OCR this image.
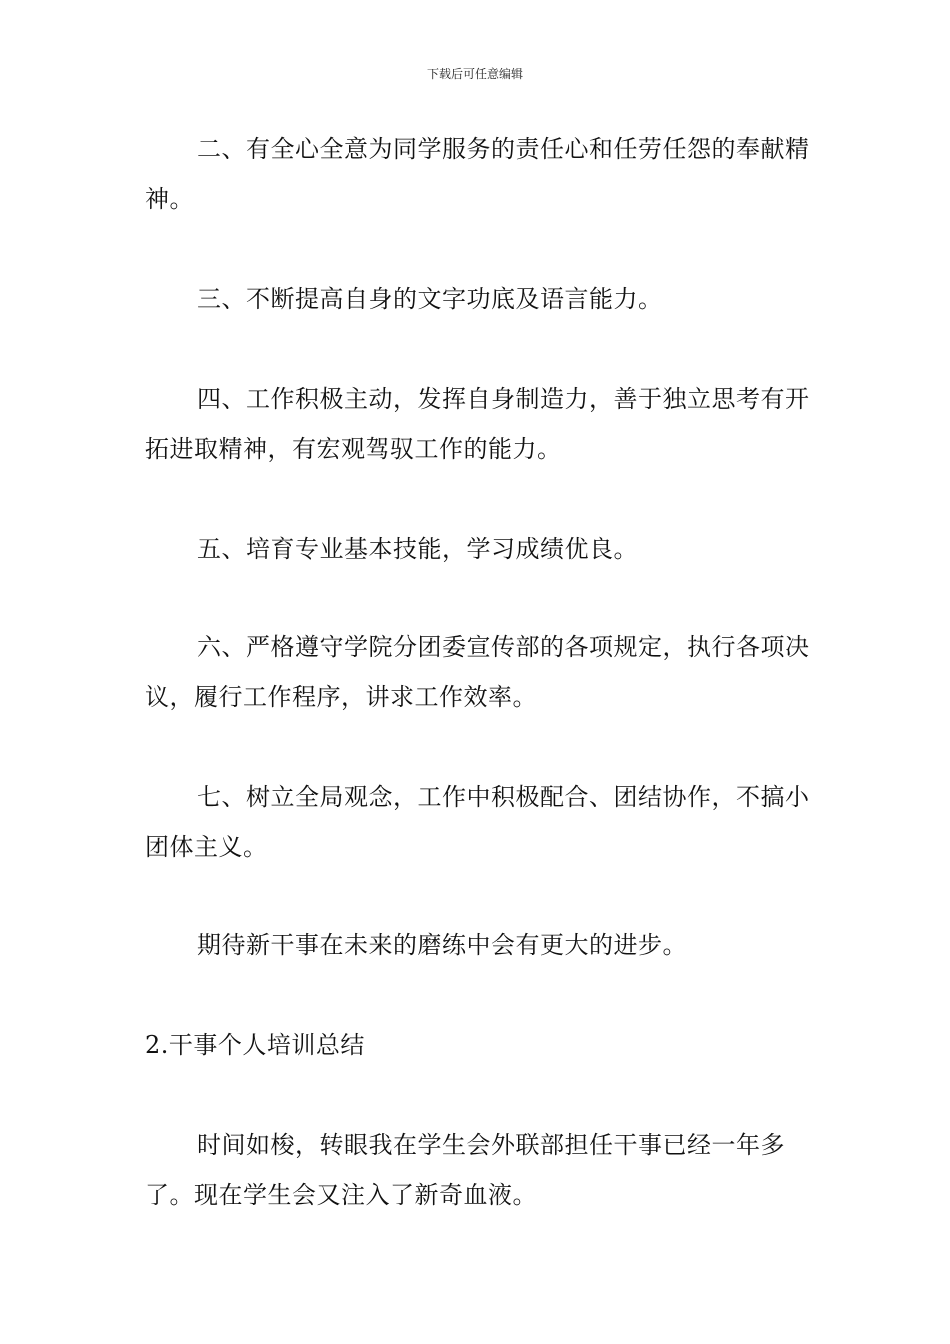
下载后可任意编辑

二、有全心全意为同学服务的责任心和任劳任怨的奉献精神。

三、不断提高自身的文字功底及语言能力。

四、工作积极主动，发挥自身制造力，善于独立思考有开拓进取精神，有宏观驾驭工作的能力。

五、培育专业基本技能，学习成绩优良。

六、严格遵守学院分团委宣传部的各项规定，执行各项决议，履行工作程序，讲求工作效率。

七、树立全局观念，工作中积极配合、团结协作，不搞小团体主义。

期待新干事在未来的磨练中会有更大的进步。

2.干事个人培训总结

时间如梭，转眼我在学生会外联部担任干事已经一年多了。现在学生会又注入了新奇血液。
